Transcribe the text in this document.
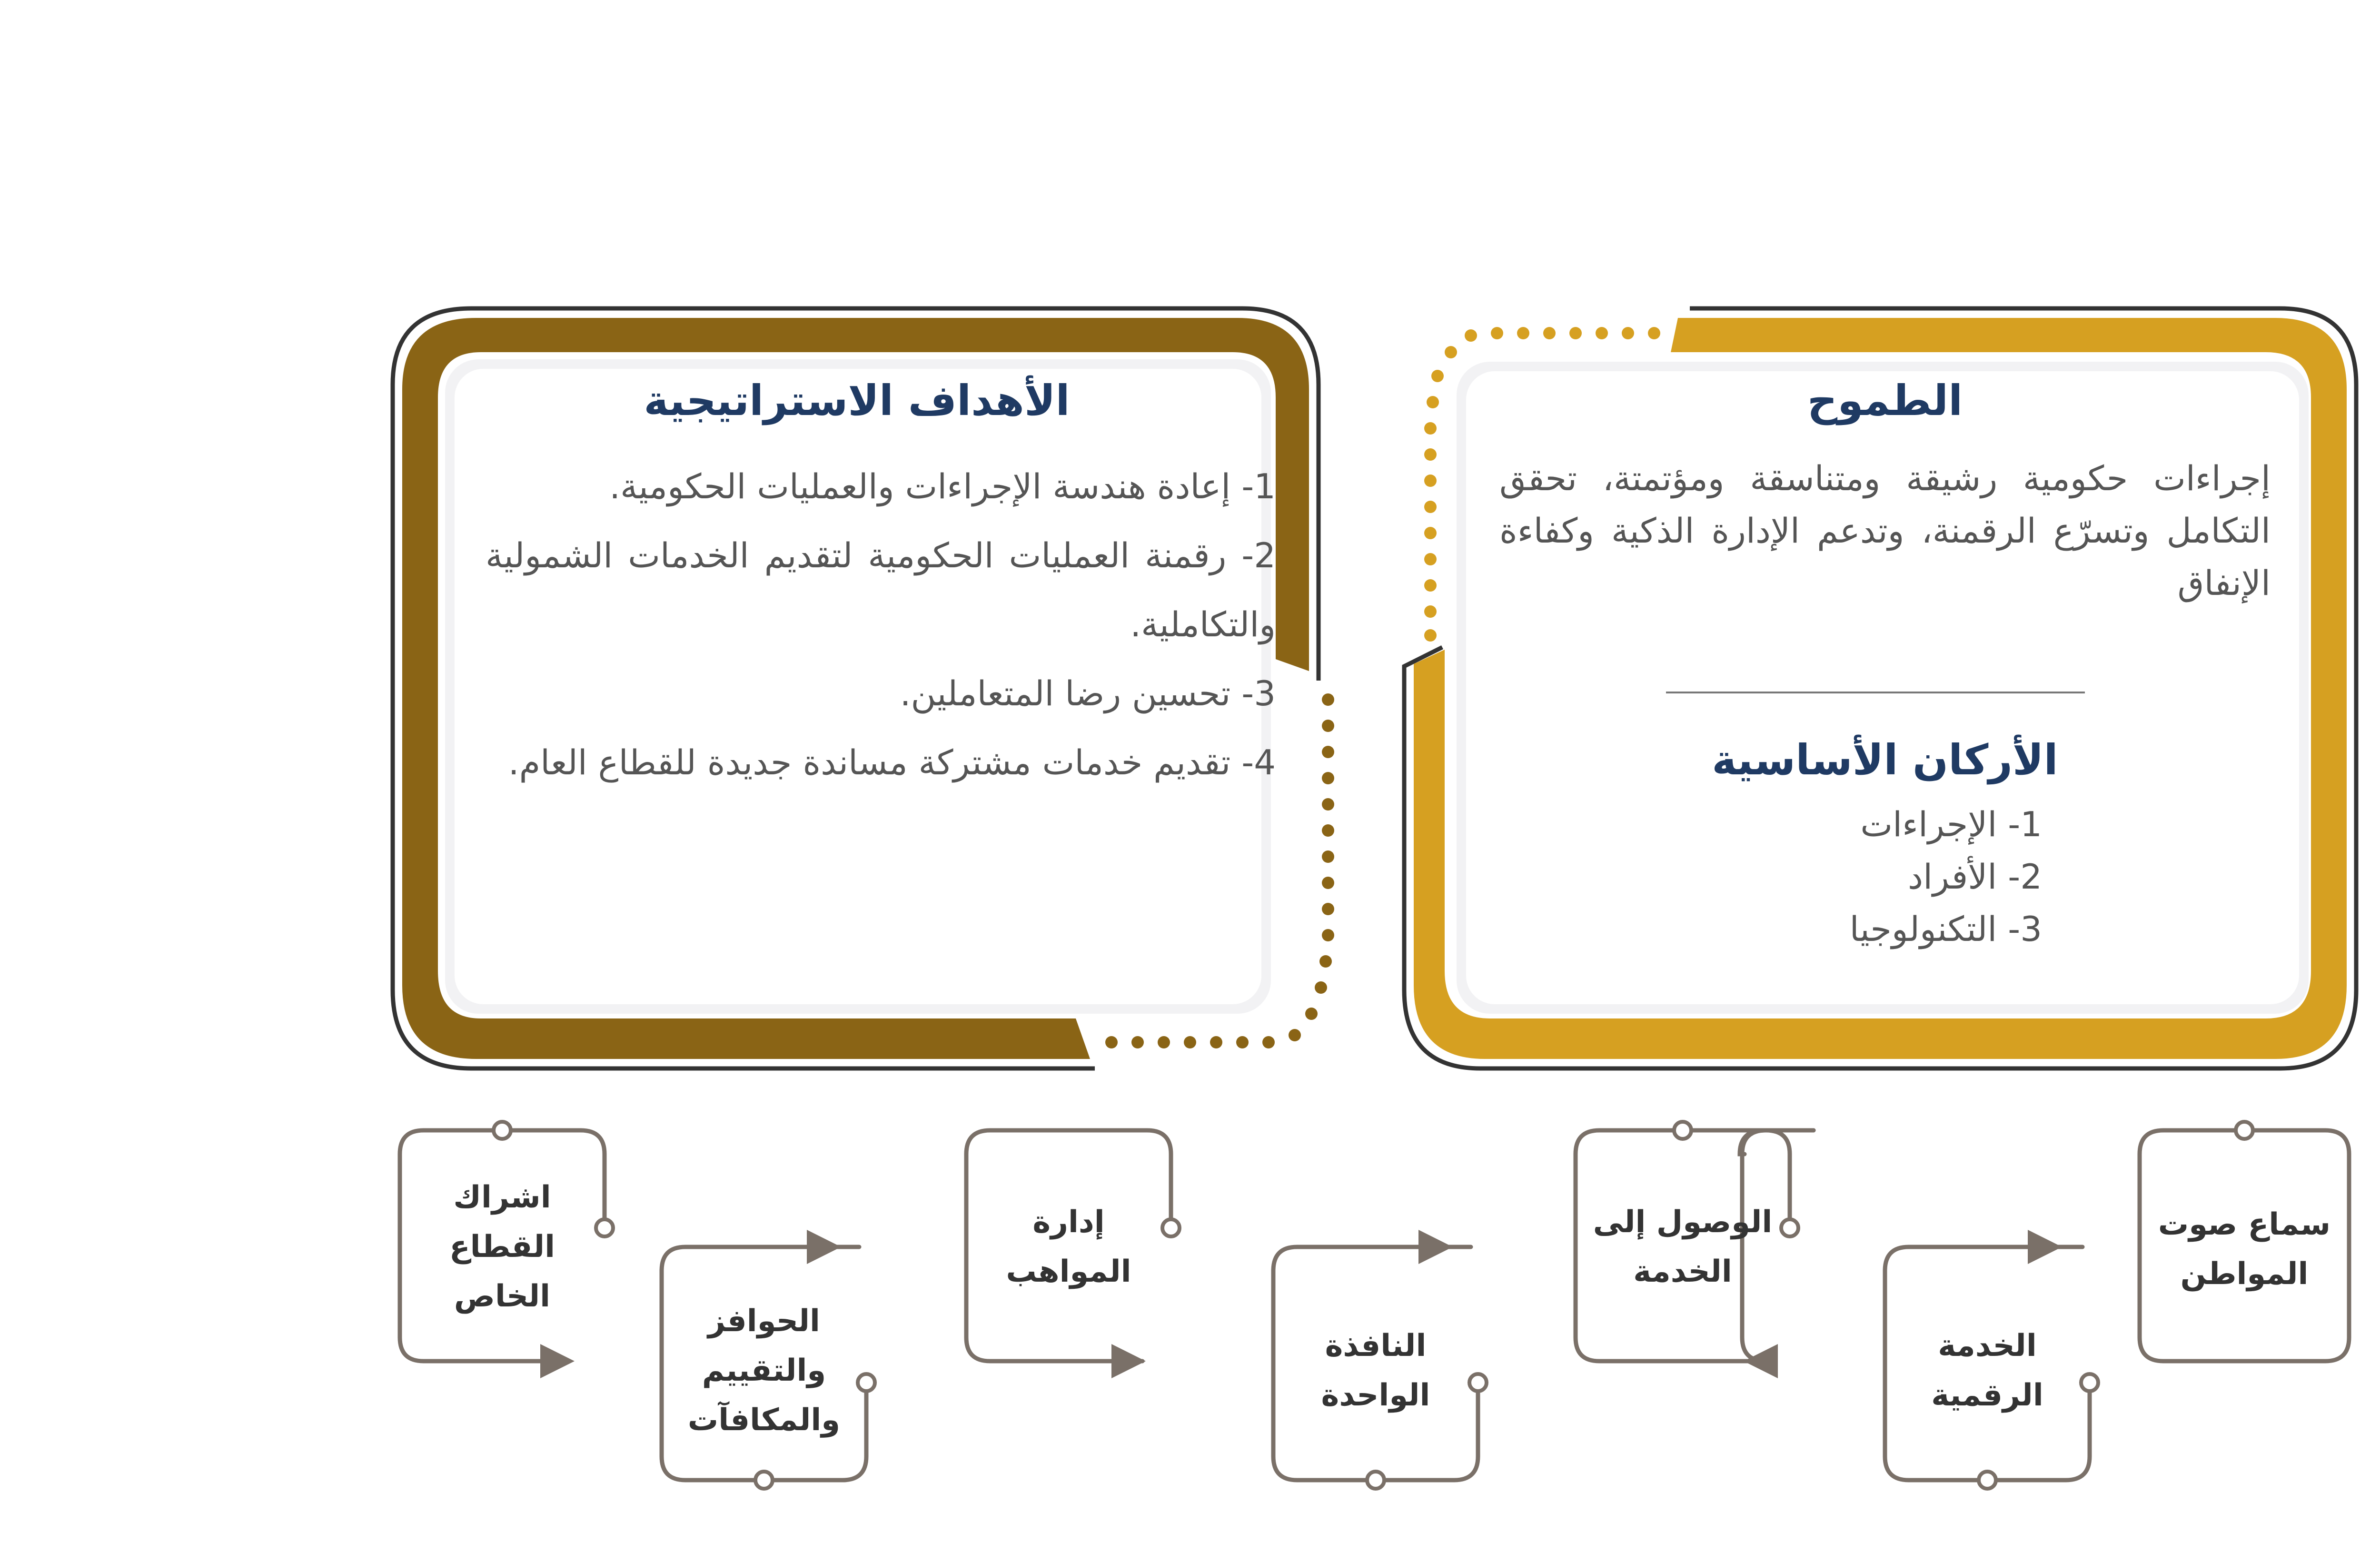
الطموح
إجراءات حكومية رشيقة ومتناسقة ومؤتمتة، تحقق التكامل وتسرّع الرقمنة، وتدعم الإدارة الذكية وكفاءة الإنفاق
الأركان الأساسية
1- الإجراءات
2- الأفراد
3- التكنولوجيا
الأهداف الاستراتيجية
1- إعادة هندسة الإجراءات والعمليات الحكومية.
2- رقمنة العمليات الحكومية لتقديم الخدمات الشمولية والتكاملية.
3- تحسين رضا المتعاملين.
4- تقديم خدمات مشتركة مساندة جديدة للقطاع العام.
سماع صوت المواطن
الخدمة الرقمية
الوصول إلى الخدمة
النافذة الواحدة
إدارة المواهب
الحوافز والتقييم والمكافآت
اشراك القطاع الخاص
